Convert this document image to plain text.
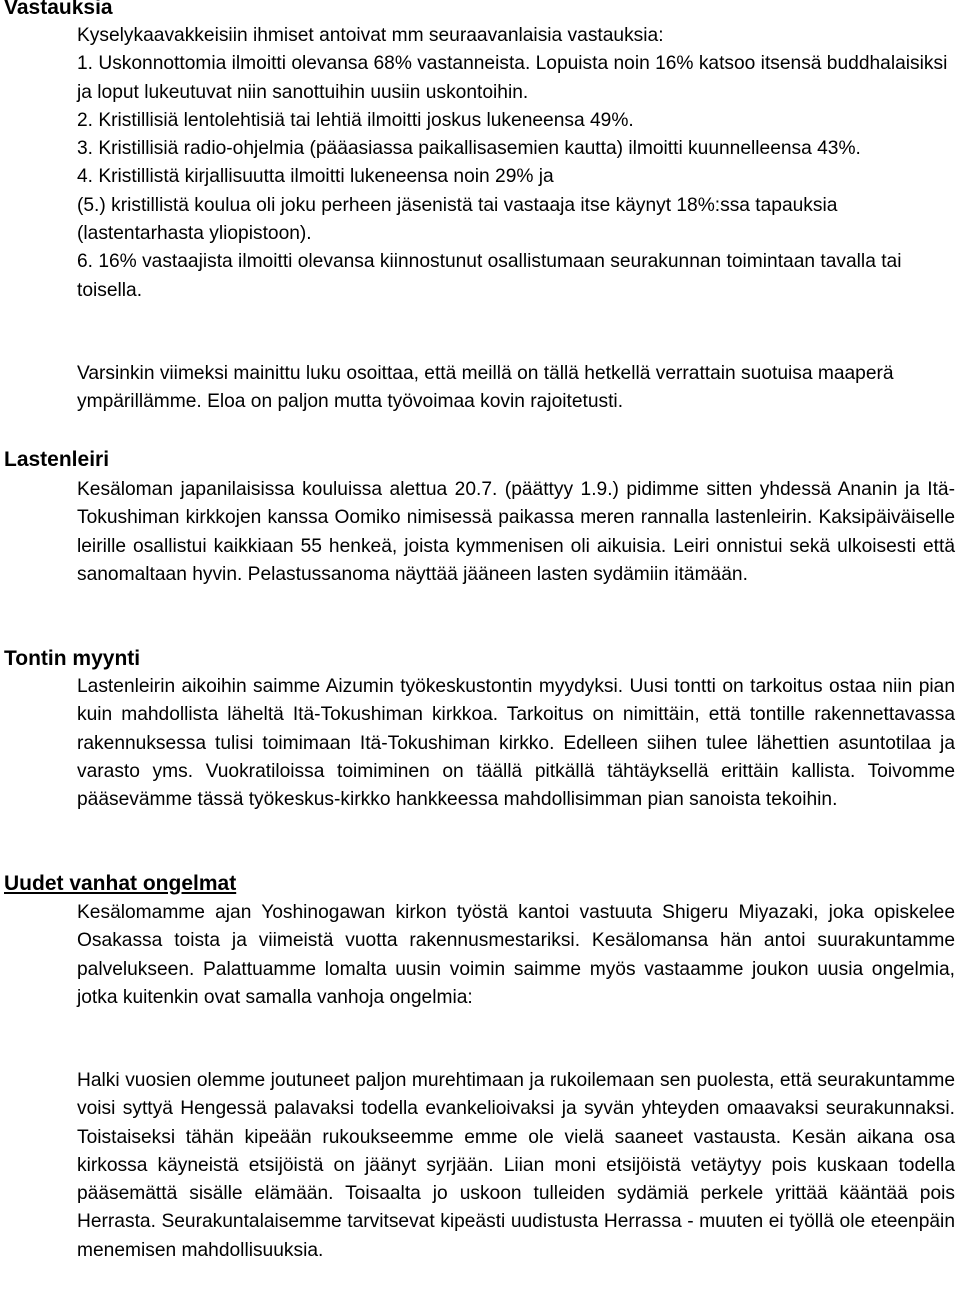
Vastauksia
Kyselykaavakkeisiin ihmiset antoivat mm seuraavanlaisia vastauksia:
1. Uskonnottomia ilmoitti olevansa 68% vastanneista. Lopuista noin 16% katsoo itsensä buddhalaisiksi ja loput lukeutuvat niin sanottuihin uusiin uskontoihin.
2. Kristillisiä lentolehtisiä tai lehtiä ilmoitti joskus lukeneensa 49%.
3. Kristillisiä radio-ohjelmia (pääasiassa paikallisasemien kautta) ilmoitti kuunnelleensa 43%.
4. Kristillistä kirjallisuutta ilmoitti lukeneensa noin 29% ja
(5.) kristillistä koulua oli joku perheen jäsenistä tai vastaaja itse käynyt 18%:ssa tapauksia (lastentarhasta yliopistoon).
6. 16% vastaajista ilmoitti olevansa kiinnostunut osallistumaan seurakunnan toimintaan tavalla tai toisella.

Varsinkin viimeksi mainittu luku osoittaa, että meillä on tällä hetkellä verrattain suotuisa maaperä ympärillämme. Eloa on paljon mutta työvoimaa kovin rajoitetusti.

Lastenleiri

Kesäloman japanilaisissa kouluissa alettua 20.7. (päättyy 1.9.) pidimme sitten yhdessä Ananin ja Itä-Tokushiman kirkkojen kanssa Oomiko nimisessä paikassa meren rannalla lastenleirin. Kaksipäiväiselle leirille osallistui kaikkiaan 55 henkeä, joista kymmenisen oli aikuisia. Leiri onnistui sekä ulkoisesti että sanomaltaan hyvin. Pelastussanoma näyttää jääneen lasten sydämiin itämään.

Tontin myynti

Lastenleirin aikoihin saimme Aizumin työkeskustontin myydyksi. Uusi tontti on tarkoitus ostaa niin pian kuin mahdollista läheltä Itä-Tokushiman kirkkoa. Tarkoitus on nimittäin, että tontille rakennettavassa rakennuksessa tulisi toimimaan Itä-Tokushiman kirkko. Edelleen siihen tulee lähettien asuntotilaa ja varasto yms. Vuokratiloissa toimiminen on täällä pitkällä tähtäyksellä erittäin kallista. Toivomme pääsevämme tässä työkeskus-kirkko hankkeessa mahdollisimman pian sanoista tekoihin.

Uudet vanhat ongelmat

Kesälomamme ajan Yoshinogawan kirkon työstä kantoi vastuuta Shigeru Miyazaki, joka opiskelee Osakassa toista ja viimeistä vuotta rakennusmestariksi. Kesälomansa hän antoi suurakuntamme palvelukseen. Palattuamme lomalta uusin voimin saimme myös vastaamme joukon uusia ongelmia, jotka kuitenkin ovat samalla vanhoja ongelmia:

Halki vuosien olemme joutuneet paljon murehtimaan ja rukoilemaan sen puolesta, että seurakuntamme voisi syttyä Hengessä palavaksi todella evankelioivaksi ja syvän yhteyden omaavaksi seurakunnaksi. Toistaiseksi tähän kipeään rukoukseemme emme ole vielä saaneet vastausta. Kesän aikana osa kirkossa käyneistä etsijöistä on jäänyt syrjään. Liian moni etsijöistä vetäytyy pois kuskaan todella pääsemättä sisälle elämään. Toisaalta jo uskoon tulleiden sydämiä perkele yrittää kääntää pois Herrasta. Seurakuntalaisemme tarvitsevat kipeästi uudistusta Herrassa - muuten ei työllä ole eteenpäin menemisen mahdollisuuksia.
